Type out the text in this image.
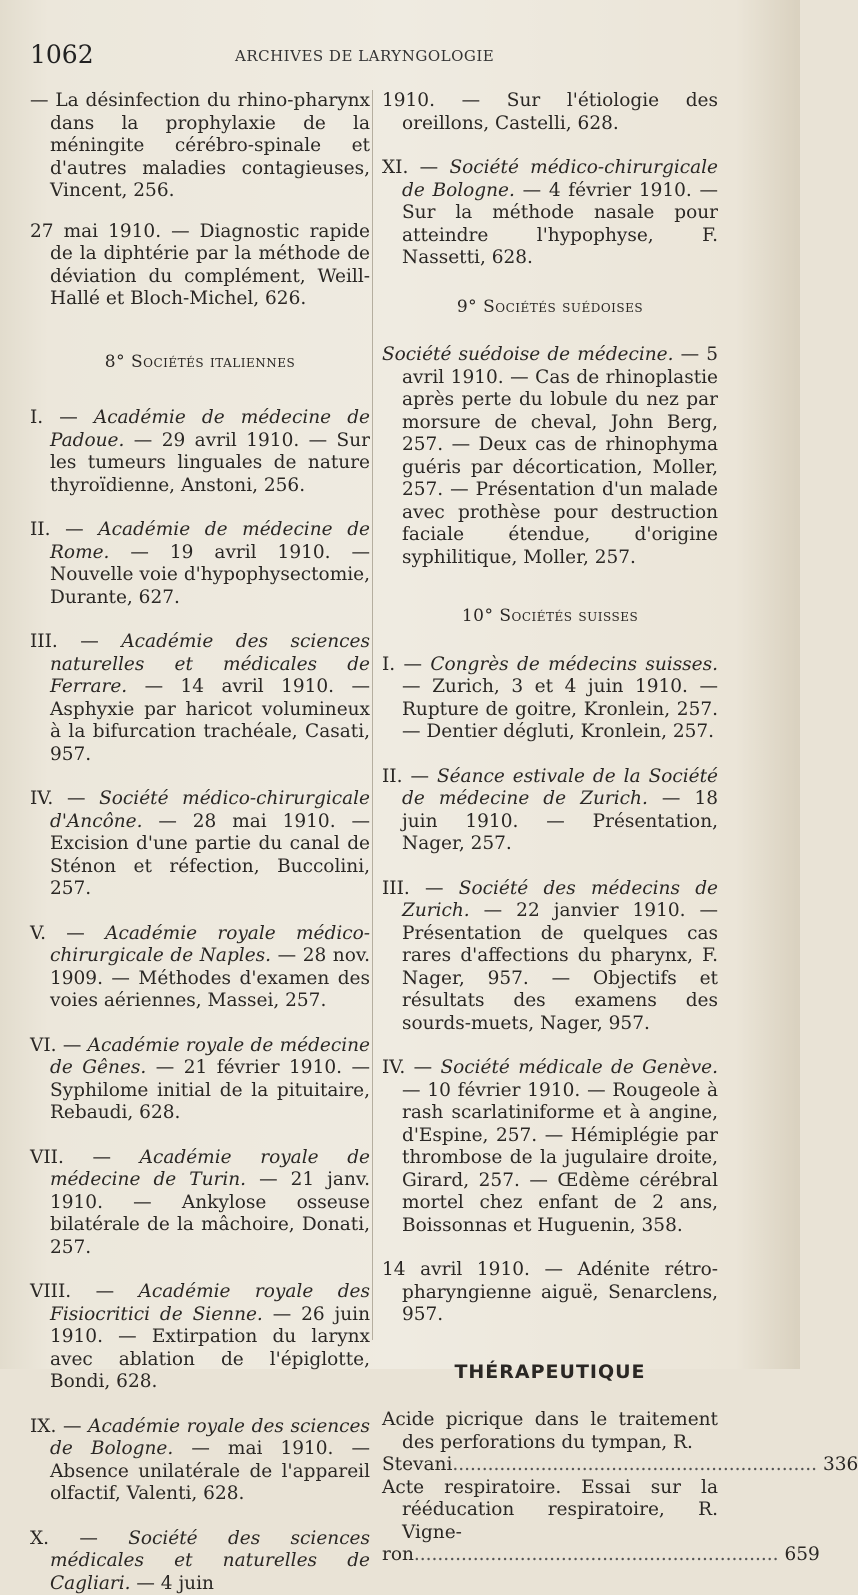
1062	ARCHIVES DE LARYNGOLOGIE

— La désinfection du rhino-pharynx dans la prophylaxie de la méningite cérébro-spinale et d'autres maladies contagieuses, Vincent, 256.

27 mai 1910. — Diagnostic rapide de la diphtérie par la méthode de déviation du complément, Weill-Hallé et Bloch-Michel, 626.

8° Sociétés italiennes

I. — Académie de médecine de Padoue. — 29 avril 1910. — Sur les tumeurs linguales de nature thyroïdienne, Anstoni, 256.

II. — Académie de médecine de Rome. — 19 avril 1910. — Nouvelle voie d'hypophysectomie, Durante, 627.

III. — Académie des sciences naturelles et médicales de Ferrare. — 14 avril 1910. — Asphyxie par haricot volumineux à la bifurcation trachéale, Casati, 957.

IV. — Société médico-chirurgicale d'Ancône. — 28 mai 1910. — Excision d'une partie du canal de Sténon et réfection, Buccolini, 257.

V. — Académie royale médico-chirurgicale de Naples. — 28 nov. 1909. — Méthodes d'examen des voies aériennes, Massei, 257.

VI. — Académie royale de médecine de Gênes. — 21 février 1910. — Syphilome initial de la pituitaire, Rebaudi, 628.

VII. — Académie royale de médecine de Turin. — 21 janv. 1910. — Ankylose osseuse bilatérale de la mâchoire, Donati, 257.

VIII. — Académie royale des Fisiocritici de Sienne. — 26 juin 1910. — Extirpation du larynx avec ablation de l'épiglotte, Bondi, 628.

IX. — Académie royale des sciences de Bologne. — mai 1910. — Absence unilatérale de l'appareil olfactif, Valenti, 628.

X. — Société des sciences médicales et naturelles de Cagliari. — 4 juin

1910. — Sur l'étiologie des oreillons, Castelli, 628.

XI. — Société médico-chirurgicale de Bologne. — 4 février 1910. — Sur la méthode nasale pour atteindre l'hypophyse, F. Nassetti, 628.

9° Sociétés suédoises

Société suédoise de médecine. — 5 avril 1910. — Cas de rhinoplastie après perte du lobule du nez par morsure de cheval, John Berg, 257. — Deux cas de rhinophyma guéris par décortication, Moller, 257. — Présentation d'un malade avec prothèse pour destruction faciale étendue, d'origine syphilitique, Moller, 257.

10° Sociétés suisses

I. — Congrès de médecins suisses. — Zurich, 3 et 4 juin 1910. — Rupture de goitre, Kronlein, 257. — Dentier dégluti, Kronlein, 257.

II. — Séance estivale de la Société de médecine de Zurich. — 18 juin 1910. — Présentation, Nager, 257.

III. — Société des médecins de Zurich. — 22 janvier 1910. — Présentation de quelques cas rares d'affections du pharynx, F. Nager, 957. — Objectifs et résultats des examens des sourds-muets, Nager, 957.

IV. — Société médicale de Genève. — 10 février 1910. — Rougeole à rash scarlatiniforme et à angine, d'Espine, 257. — Hémiplégie par thrombose de la jugulaire droite, Girard, 257. — Œdème cérébral mortel chez enfant de 2 ans, Boissonnas et Huguenin, 358.

14 avril 1910. — Adénite rétro-pharyngienne aiguë, Senarclens, 957.

THÉRAPEUTIQUE

Acide picrique dans le traitement des perforations du tympan, R.

Stevani .............................................................. 336

Acte respiratoire. Essai sur la rééducation respiratoire, R. Vigne-

ron .............................................................. 659
